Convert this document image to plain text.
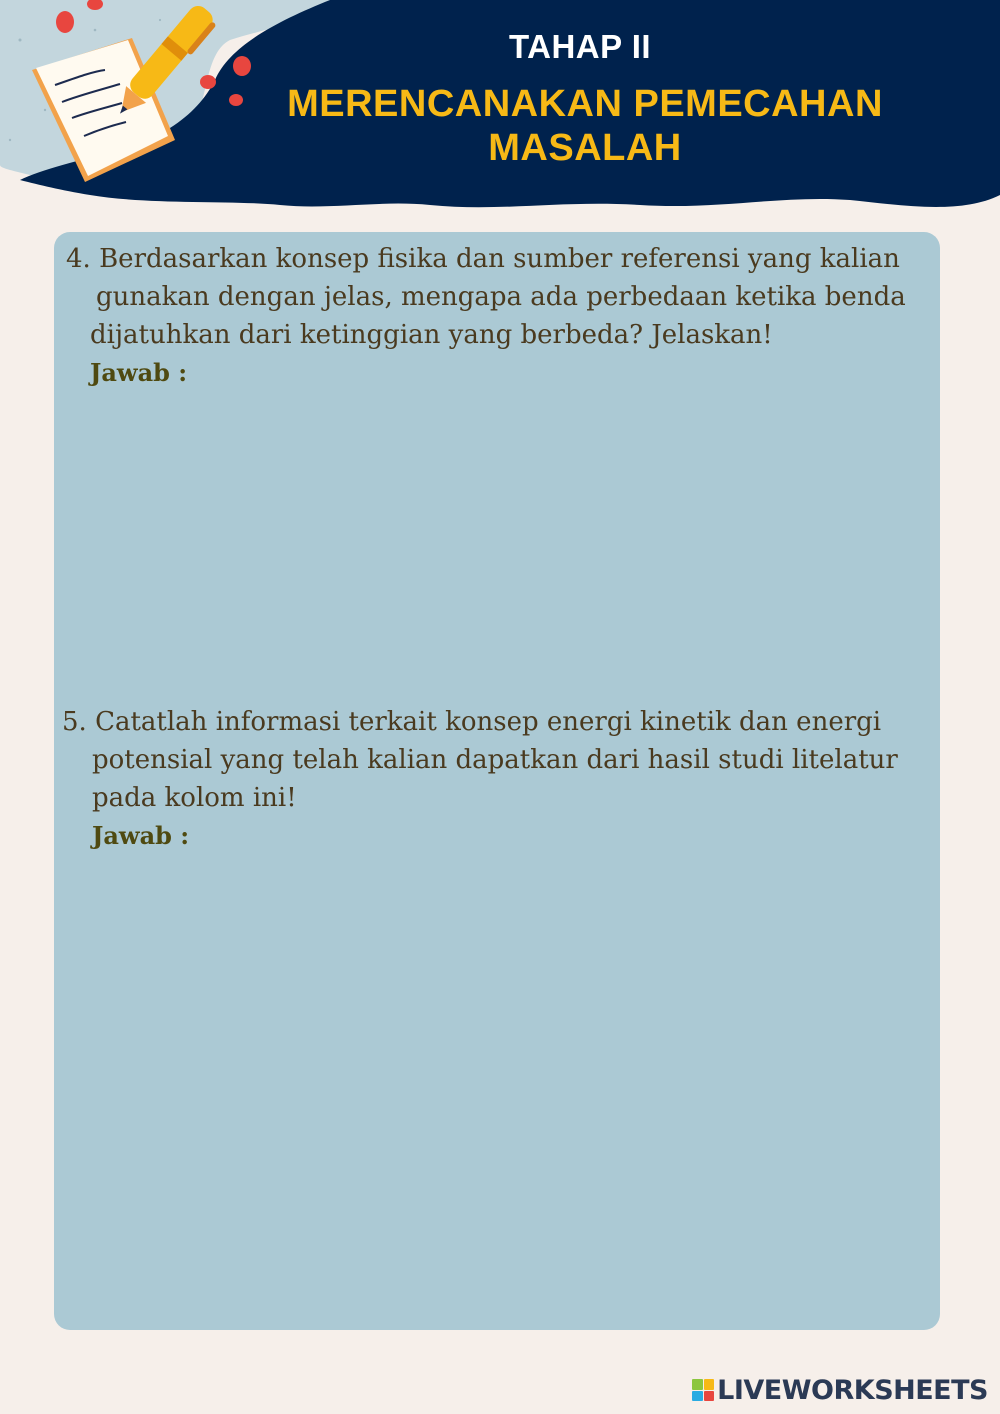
TAHAP II
MERENCANAKAN PEMECAHAN MASALAH
4. Berdasarkan konsep fisika dan sumber referensi yang kalian
gunakan dengan jelas, mengapa ada perbedaan ketika benda
dijatuhkan dari ketinggian yang berbeda? Jelaskan!
Jawab :
5. Catatlah informasi terkait konsep energi kinetik dan energi
potensial yang telah kalian dapatkan dari hasil studi litelatur
pada kolom ini!
Jawab :
LIVEWORKSHEETS
